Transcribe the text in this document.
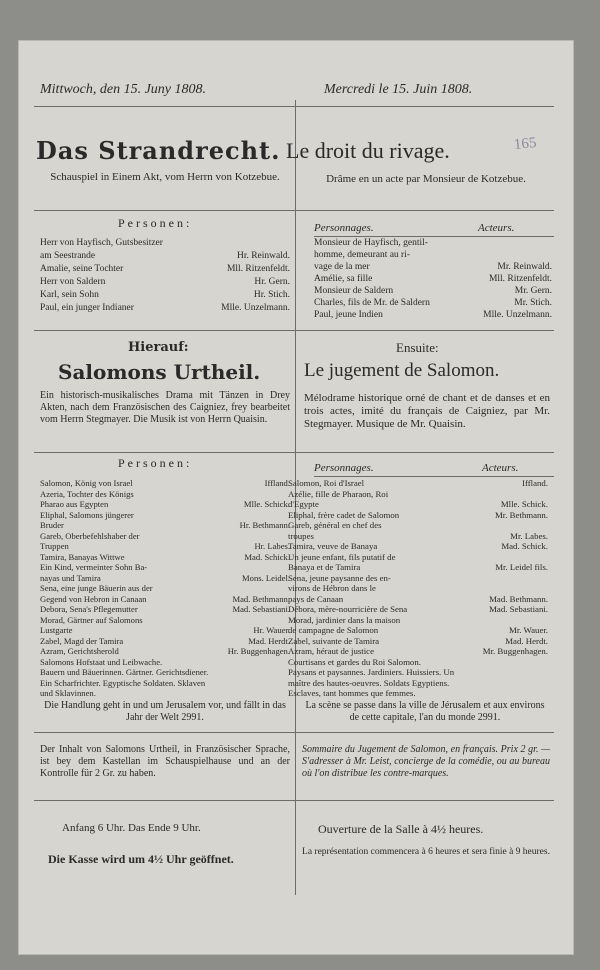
165
Mittwoch, den 15. Juny 1808.	Mercredi le 15. Juin 1808.
Das Strandrecht. Le droit du rivage.
Schauspiel in Einem Akt, vom Herrn von Kotzebue.	Drâme en un acte par Monsieur de Kotzebue.
Personen:	Personnages.	Acteurs.
Herr von Hayfisch, Gutsbesitzer
am Seestrande	Hr. Reinwald.
Amalie, seine Tochter	Mll. Ritzenfeldt.
Herr von Saldern	Hr. Gern.
Karl, sein Sohn	Hr. Stich.
Paul, ein junger Indianer	Mlle. Unzelmann.
Monsieur de Hayfisch, gentil-
homme, demeurant au ri-
vage de la mer	Mr. Reinwald.
Amélie, sa fille	Mll. Ritzenfeldt.
Monsieur de Saldern	Mr. Gern.
Charles, fils de Mr. de Saldern	Mr. Stich.
Paul, jeune Indien	Mlle. Unzelmann.
Hierauf:	Ensuite:
Salomons Urtheil. Le jugement de Salomon.
Ein historisch-musikalisches Drama mit Tänzen in Drey Akten, nach dem Französischen des Caigniez, frey bearbeitet vom Herrn Stegmayer. Die Musik ist von Herrn Quaisin.
Mélodrame historique orné de chant et de danses et en trois actes, imité du français de Caigniez, par Mr. Stegmayer. Musique de Mr. Quaisin.
Personen:	Personnages.	Acteurs.
Salomon, König von Israel	Iffland.
Azeria, Tochter des Königs
Pharao aus Egypten	Mlle. Schick.
Eliphal, Salomons jüngerer
Bruder	Hr. Bethmann.
Gareb, Oberbefehlshaber der
Truppen	Hr. Labes.
Tamira, Banayas Wittwe	Mad. Schick.
Ein Kind, vermeinter Sohn Ba-
nayas und Tamira	Mons. Leidel.
Sena, eine junge Bäuerin aus der
Gegend von Hebron in Canaan	Mad. Bethmann.
Debora, Sena's Pflegemutter	Mad. Sebastiani.
Morad, Gärtner auf Salomons
Lustgarte	Hr. Wauer.
Zabel, Magd der Tamira	Mad. Herdt.
Azram, Gerichtsherold	Hr. Buggenhagen.
Salomons Hofstaat und Leibwache.
Bauern und Bäuerinnen. Gärtner. Gerichtsdiener.
Ein Scharfrichter. Egyptische Soldaten. Sklaven
und Sklavinnen.
Salomon, Roi d'Israel	Iffland.
Azélie, fille de Pharaon, Roi
d'Egypte	Mlle. Schick.
Eliphal, frère cadet de Salomon	Mr. Bethmann.
Gareb, général en chef des
troupes	Mr. Labes.
Tamira, veuve de Banaya	Mad. Schick.
Un jeune enfant, fils putatif de
Banaya et de Tamira	Mr. Leidel fils.
Sena, jeune paysanne des en-
virons de Hébron dans le
pays de Canaan	Mad. Bethmann.
Débora, mère-nourricière de Sena	Mad. Sebastiani.
Morad, jardinier dans la maison
de campagne de Salomon	Mr. Wauer.
Zabel, suivante de Tamira	Mad. Herdt.
Azram, héraut de justice	Mr. Buggenhagen.
Courtisans et gardes du Roi Salomon.
Paysans et paysannes. Jardiniers. Huissiers. Un
maître des hautes-oeuvres. Soldats Egyptiens.
Esclaves, tant hommes que femmes.
Die Handlung geht in und um Jerusalem vor, und fällt in das Jahr der Welt 2991.
La scène se passe dans la ville de Jérusalem et aux environs de cette capitale, l'an du monde 2991.
Der Inhalt von Salomons Urtheil, in Französischer Sprache, ist bey dem Kastellan im Schauspielhause und an der Kontrolle für 2 Gr. zu haben.
Sommaire du Jugement de Salomon, en français. Prix 2 gr. — S'adresser à Mr. Leist, concierge de la comédie, ou au bureau où l'on distribue les contre-marques.
Anfang 6 Uhr. Das Ende 9 Uhr.
Die Kasse wird um 4½ Uhr geöffnet.
Ouverture de la Salle à 4½ heures.
La représentation commencera à 6 heures et sera finie à 9 heures.
